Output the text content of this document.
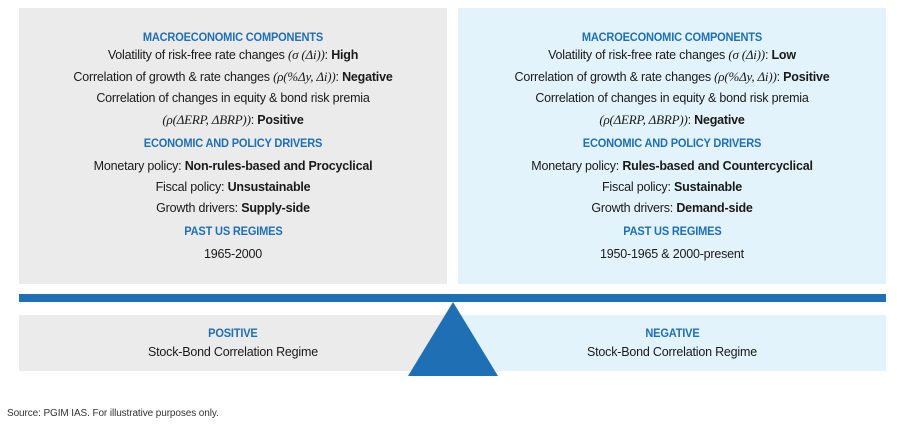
MACROECONOMIC COMPONENTS

Volatility of risk-free rate changes (σ (Δi)): High

Correlation of growth & rate changes (ρ(%Δy, Δi)): Negative

Correlation of changes in equity & bond risk premia

(ρ(ΔERP, ΔBRP)): Positive

ECONOMIC AND POLICY DRIVERS

Monetary policy: Non-rules-based and Procyclical

Fiscal policy: Unsustainable

Growth drivers: Supply-side

PAST US REGIMES

1965-2000

MACROECONOMIC COMPONENTS

Volatility of risk-free rate changes (σ (Δi)): Low

Correlation of growth & rate changes (ρ(%Δy, Δi)): Positive

Correlation of changes in equity & bond risk premia

(ρ(ΔERP, ΔBRP)): Negative

ECONOMIC AND POLICY DRIVERS

Monetary policy: Rules-based and Countercyclical

Fiscal policy: Sustainable

Growth drivers: Demand-side

PAST US REGIMES

1950-1965 & 2000-present

POSITIVE

Stock-Bond Correlation Regime

NEGATIVE

Stock-Bond Correlation Regime

Source: PGIM IAS. For illustrative purposes only.
